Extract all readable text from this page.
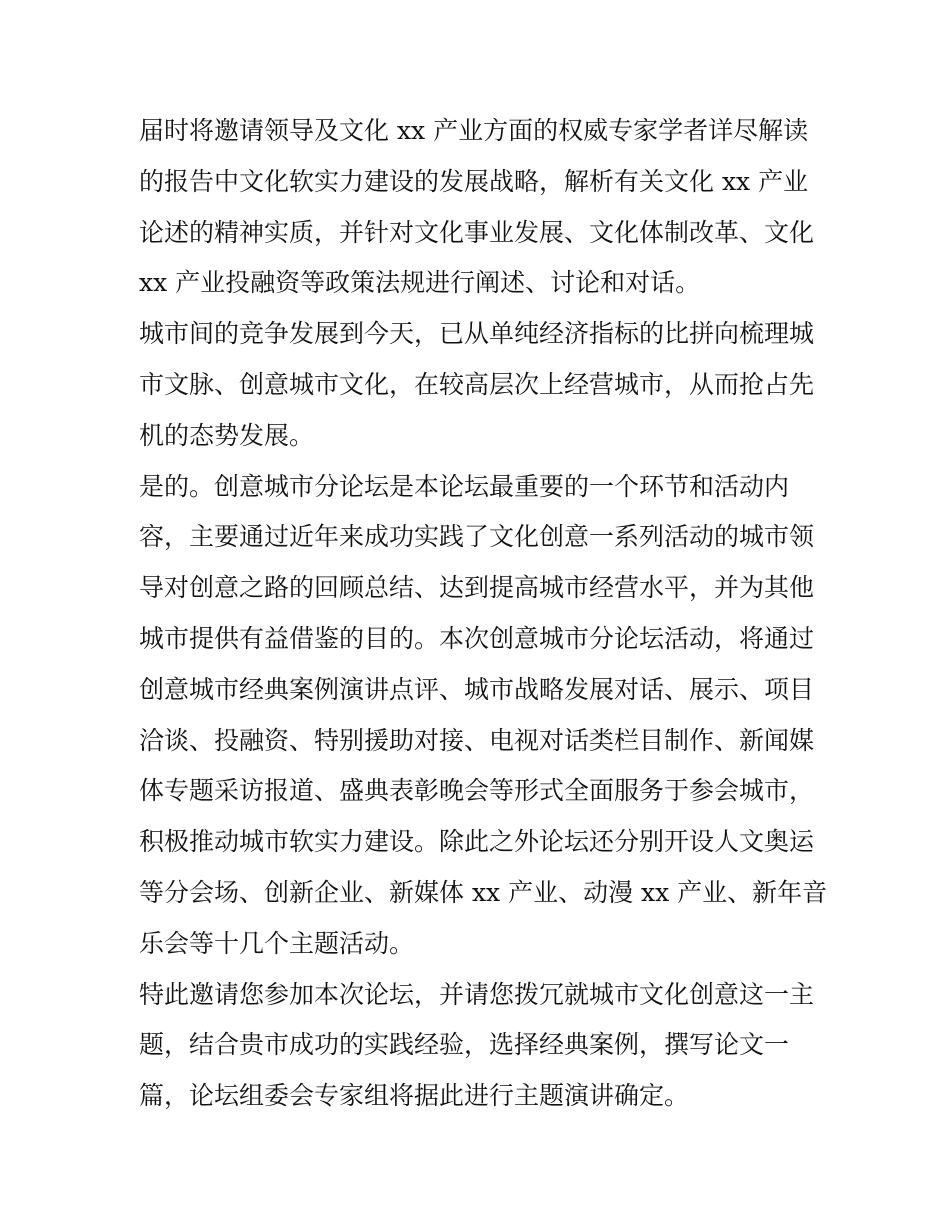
届时将邀请领导及文化 xx 产业方面的权威专家学者详尽解读
的报告中文化软实力建设的发展战略，解析有关文化 xx 产业
论述的精神实质，并针对文化事业发展、文化体制改革、文化
xx 产业投融资等政策法规进行阐述、讨论和对话。
城市间的竞争发展到今天，已从单纯经济指标的比拼向梳理城
市文脉、创意城市文化，在较高层次上经营城市，从而抢占先
机的态势发展。
是的。创意城市分论坛是本论坛最重要的一个环节和活动内
容，主要通过近年来成功实践了文化创意一系列活动的城市领
导对创意之路的回顾总结、达到提高城市经营水平，并为其他
城市提供有益借鉴的目的。本次创意城市分论坛活动，将通过
创意城市经典案例演讲点评、城市战略发展对话、展示、项目
洽谈、投融资、特别援助对接、电视对话类栏目制作、新闻媒
体专题采访报道、盛典表彰晚会等形式全面服务于参会城市，
积极推动城市软实力建设。除此之外论坛还分别开设人文奥运
等分会场、创新企业、新媒体 xx 产业、动漫 xx 产业、新年音
乐会等十几个主题活动。
特此邀请您参加本次论坛，并请您拨冗就城市文化创意这一主
题，结合贵市成功的实践经验，选择经典案例，撰写论文一
篇，论坛组委会专家组将据此进行主题演讲确定。
